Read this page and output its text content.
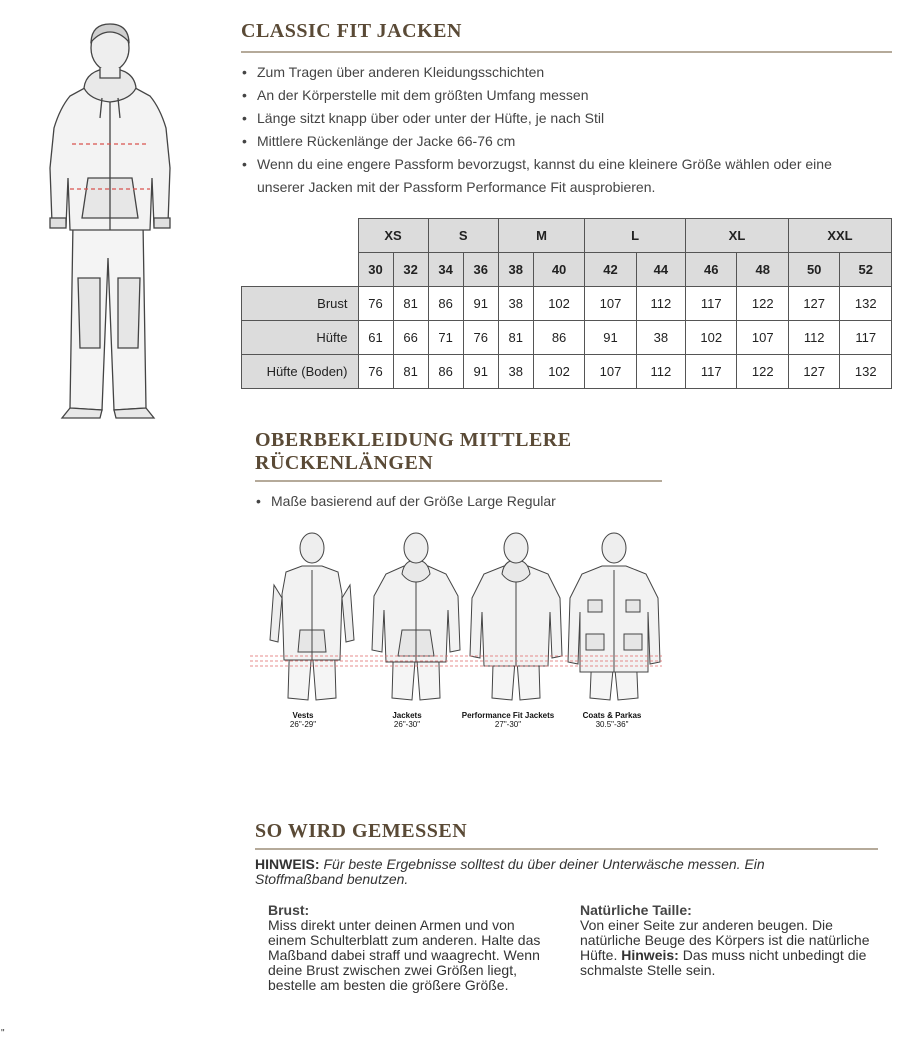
CLASSIC FIT JACKEN
• Zum Tragen über anderen Kleidungsschichten
• An der Körperstelle mit dem größten Umfang messen
• Länge sitzt knapp über oder unter der Hüfte, je nach Stil
• Mittlere Rückenlänge der Jacke 66-76 cm
• Wenn du eine engere Passform bevorzugst, kannst du eine kleinere Größe wählen oder eine unserer Jacken mit der Passform Performance Fit ausprobieren.
	XS		S		M		L		XL		XXL	
	30	32	34	36	38	40	42	44	46	48	50	52
Brust	76	81	86	91	38	102	107	112	117	122	127	132
Hüfte	61	66	71	76	81	86	91	38	102	107	112	117
Hüfte (Boden)	76	81	86	91	38	102	107	112	117	122	127	132
OBERBEKLEIDUNG MITTLERE
RÜCKENLÄNGEN
• Maße basierend auf der Größe Large Regular
Vests
26"-29"
Jackets
26"-30"
Performance Fit Jackets
27"-30"
Coats & Parkas
30.5"-36"
SO WIRD GEMESSEN
HINWEIS: Für beste Ergebnisse solltest du über deiner Unterwäsche messen. Ein Stoffmaßband benutzen.
Brust:
Miss direkt unter deinen Armen und von einem Schulterblatt zum anderen. Halte das Maßband dabei straff und waagrecht. Wenn deine Brust zwischen zwei Größen liegt, bestelle am besten die größere Größe.
Natürliche Taille:
Von einer Seite zur anderen beugen. Die natürliche Beuge des Körpers ist die natürliche Hüfte. Hinweis: Das muss nicht unbedingt die schmalste Stelle sein.
"
